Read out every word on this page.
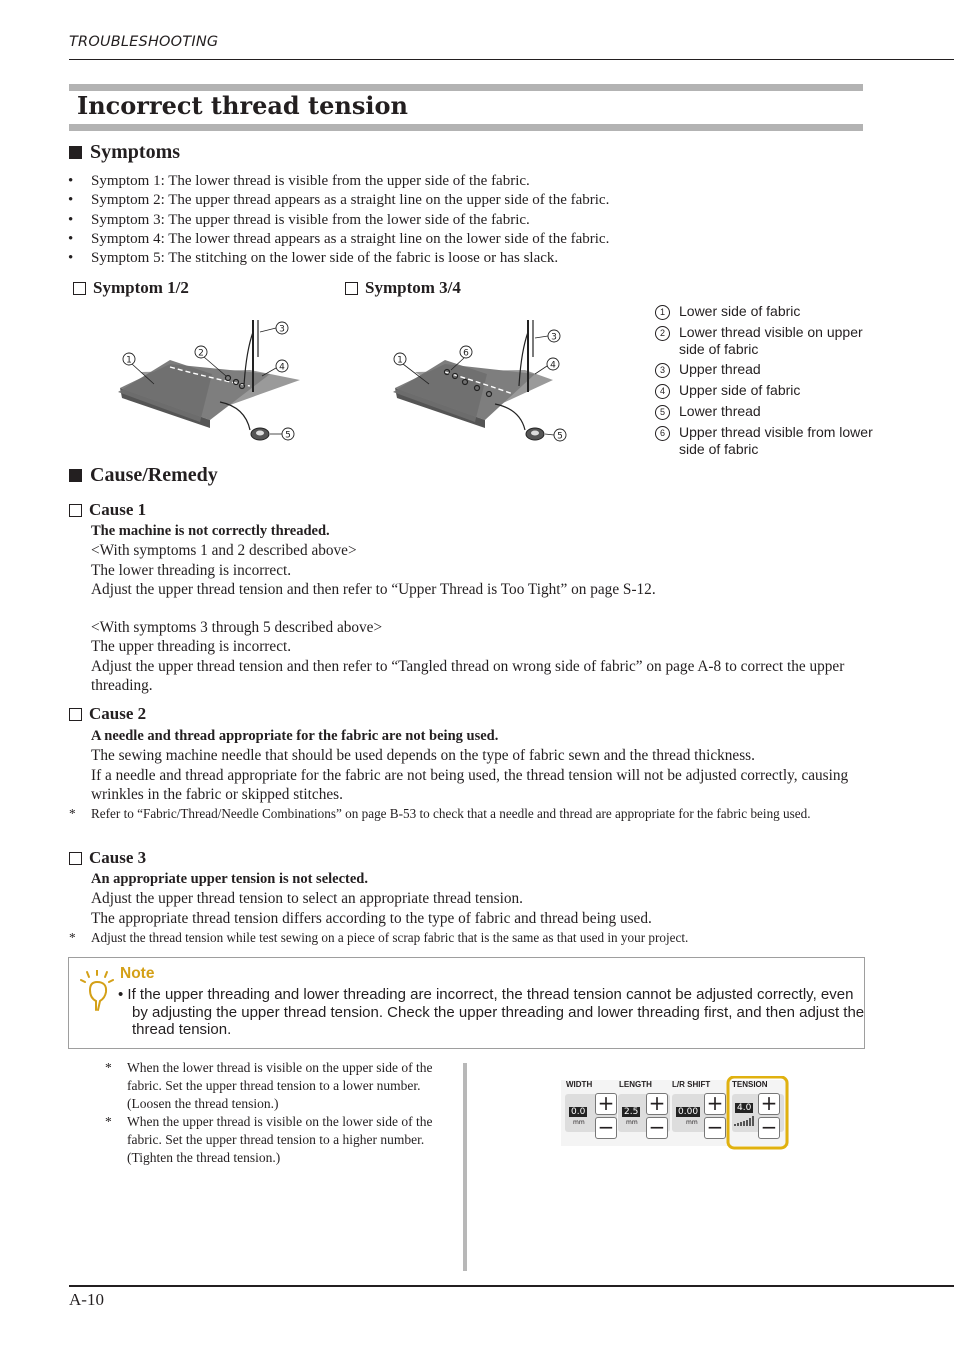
TROUBLESHOOTING
Incorrect thread tension
Symptoms
• Symptom 1: The lower thread is visible from the upper side of the fabric.
• Symptom 2: The upper thread appears as a straight line on the upper side of the fabric.
• Symptom 3: The upper thread is visible from the lower side of the fabric.
• Symptom 4: The lower thread appears as a straight line on the lower side of the fabric.
• Symptom 5: The stitching on the lower side of the fabric is loose or has slack.
Symptom 1/2	Symptom 3/4
1
2
3
4
5
1
6
3
4
5
1	Lower side of fabric
2	Lower thread visible on upper side of fabric
3	Upper thread
4	Upper side of fabric
5	Lower thread
6	Upper thread visible from lower side of fabric
Cause/Remedy
Cause 1

The machine is not correctly threaded.

<With symptoms 1 and 2 described above>

The lower threading is incorrect.

Adjust the upper thread tension and then refer to “Upper Thread is Too Tight” on page S-12.

<With symptoms 3 through 5 described above>

The upper threading is incorrect.

Adjust the upper thread tension and then refer to “Tangled thread on wrong side of fabric” on page A-8 to correct the upper threading.

Cause 2

A needle and thread appropriate for the fabric are not being used.

The sewing machine needle that should be used depends on the type of fabric sewn and the thread thickness.

If a needle and thread appropriate for the fabric are not being used, the thread tension will not be adjusted correctly, causing wrinkles in the fabric or skipped stitches.

* Refer to “Fabric/Thread/Needle Combinations” on page B-53 to check that a needle and thread are appropriate for the fabric being used.

Cause 3

An appropriate upper tension is not selected.

Adjust the upper thread tension to select an appropriate thread tension.

The appropriate thread tension differs according to the type of fabric and thread being used.

* Adjust the thread tension while test sewing on a piece of scrap fabric that is the same as that used in your project.

Note
• If the upper threading and lower threading are incorrect, the thread tension cannot be adjusted correctly, even by adjusting the upper thread tension. Check the upper threading and lower threading first, and then adjust the thread tension.

* When the lower thread is visible on the upper side of the fabric. Set the upper thread tension to a lower number. (Loosen the thread tension.)

* When the upper thread is visible on the lower side of the fabric. Set the upper thread tension to a higher number. (Tighten the thread tension.)

WIDTH
0.0
mm
+
−
LENGTH
2.5
mm
+
−
L/R SHIFT
0.00
mm
+
−
TENSION
4.0 +
−
A-10
